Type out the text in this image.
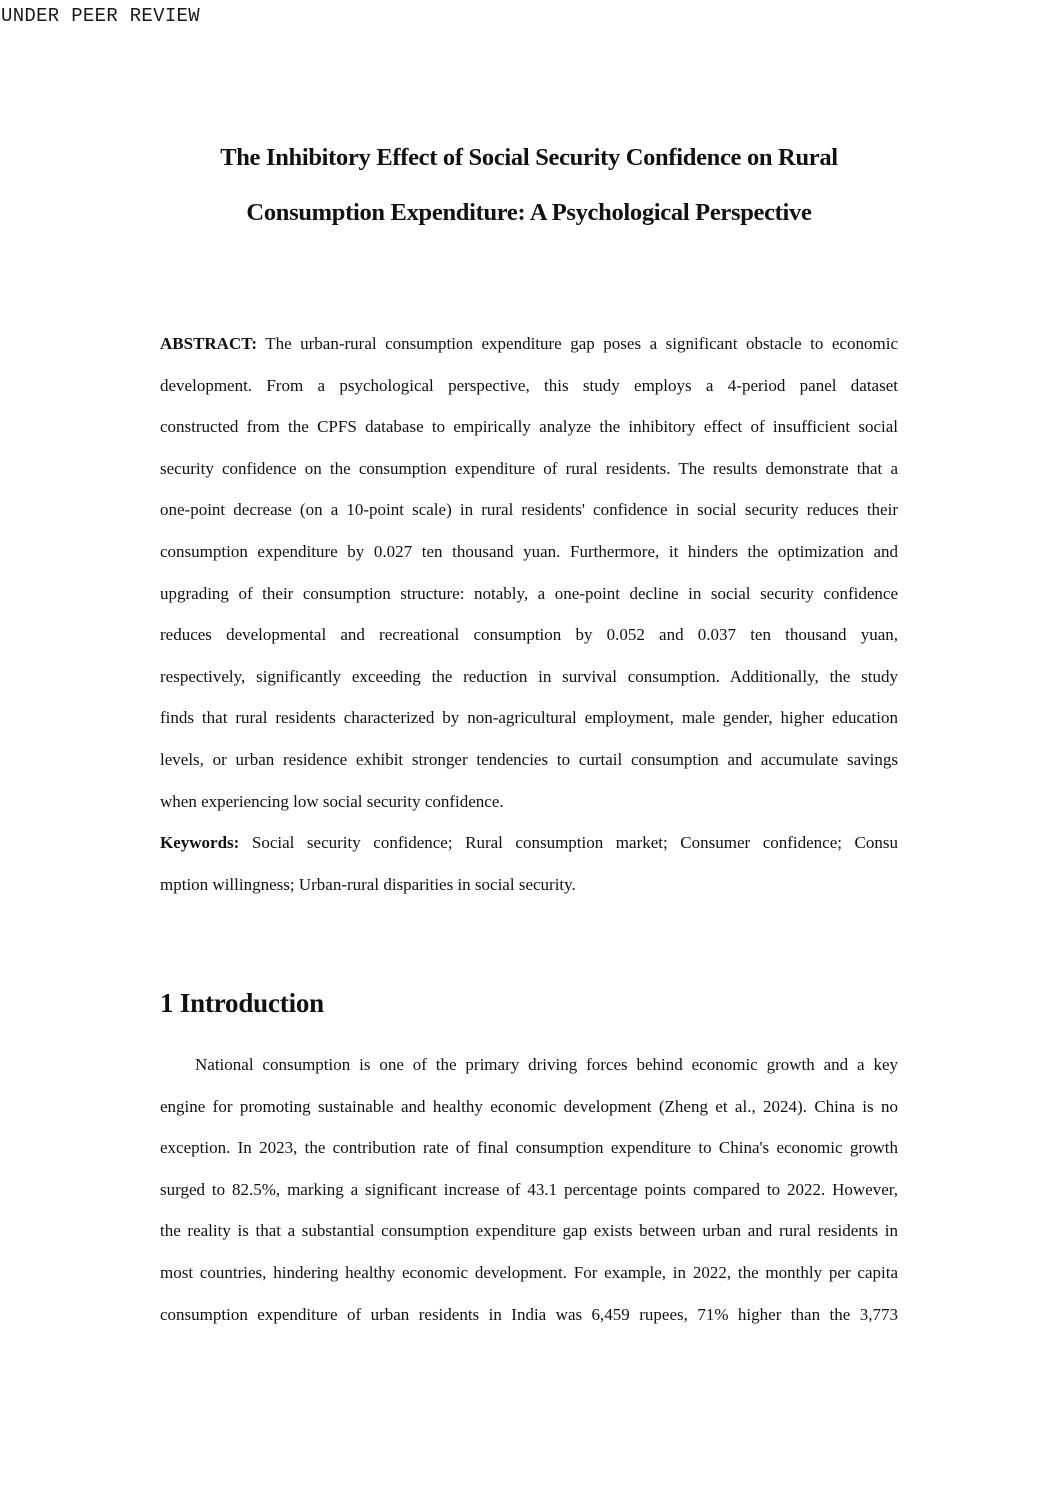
UNDER PEER REVIEW
The Inhibitory Effect of Social Security Confidence on Rural
Consumption Expenditure: A Psychological Perspective
ABSTRACT: The urban-rural consumption expenditure gap poses a significant obstacle to economic
development. From a psychological perspective, this study employs a 4-period panel dataset
constructed from the CPFS database to empirically analyze the inhibitory effect of insufficient social
security confidence on the consumption expenditure of rural residents. The results demonstrate that a
one-point decrease (on a 10-point scale) in rural residents' confidence in social security reduces their
consumption expenditure by 0.027 ten thousand yuan. Furthermore, it hinders the optimization and
upgrading of their consumption structure: notably, a one-point decline in social security confidence
reduces developmental and recreational consumption by 0.052 and 0.037 ten thousand yuan,
respectively, significantly exceeding the reduction in survival consumption. Additionally, the study
finds that rural residents characterized by non-agricultural employment, male gender, higher education
levels, or urban residence exhibit stronger tendencies to curtail consumption and accumulate savings
when experiencing low social security confidence.
Keywords: Social security confidence; Rural consumption market; Consumer confidence; Consu
mption willingness; Urban-rural disparities in social security.
1 Introduction
National consumption is one of the primary driving forces behind economic growth and a key
engine for promoting sustainable and healthy economic development (Zheng et al., 2024). China is no
exception. In 2023, the contribution rate of final consumption expenditure to China's economic growth
surged to 82.5%, marking a significant increase of 43.1 percentage points compared to 2022. However,
the reality is that a substantial consumption expenditure gap exists between urban and rural residents in
most countries, hindering healthy economic development. For example, in 2022, the monthly per capita
consumption expenditure of urban residents in India was 6,459 rupees, 71% higher than the 3,773
